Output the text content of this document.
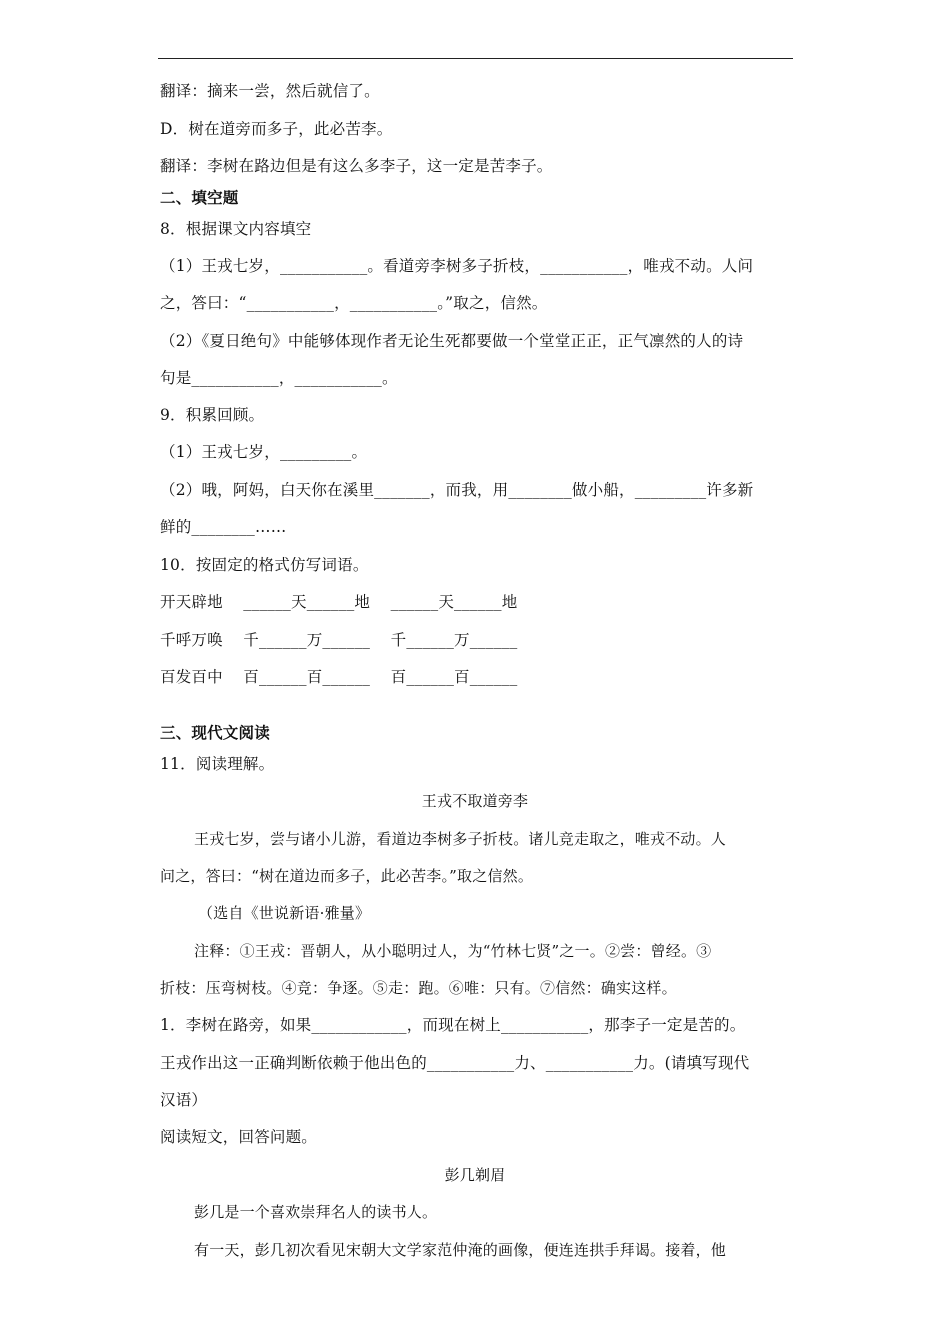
翻译：摘来一尝，然后就信了。
D．树在道旁而多子，此必苦李。
翻译：李树在路边但是有这么多李子，这一定是苦李子。
二、填空题
8．根据课文内容填空
（1）王戎七岁，___________。看道旁李树多子折枝，___________，唯戎不动。人问
之，答曰：“___________，___________。”取之，信然。
（2）《夏日绝句》中能够体现作者无论生死都要做一个堂堂正正，正气凛然的人的诗
句是___________，___________。
9．积累回顾。
（1）王戎七岁，_________。
（2）哦，阿妈，白天你在溪里_______，而我，用________做小船，_________许多新
鲜的________……
10．按固定的格式仿写词语。
开天辟地    ______天______地    ______天______地
千呼万唤    千______万______    千______万______
百发百中    百______百______    百______百______
三、现代文阅读
11．阅读理解。
王戎不取道旁李
王戎七岁，尝与诸小儿游，看道边李树多子折枝。诸儿竞走取之，唯戎不动。人
问之，答曰：“树在道边而多子，此必苦李。”取之信然。
（选自《世说新语·雅量》
注释：①王戎：晋朝人，从小聪明过人，为“竹林七贤”之一。②尝：曾经。③
折枝：压弯树枝。④竞：争逐。⑤走：跑。⑥唯：只有。⑦信然：确实这样。
1．李树在路旁，如果____________，而现在树上___________，那李子一定是苦的。
王戎作出这一正确判断依赖于他出色的___________力、___________力。(请填写现代
汉语）
阅读短文，回答问题。
彭几剃眉
彭几是一个喜欢崇拜名人的读书人。
有一天，彭几初次看见宋朝大文学家范仲淹的画像，便连连拱手拜谒。接着，他
